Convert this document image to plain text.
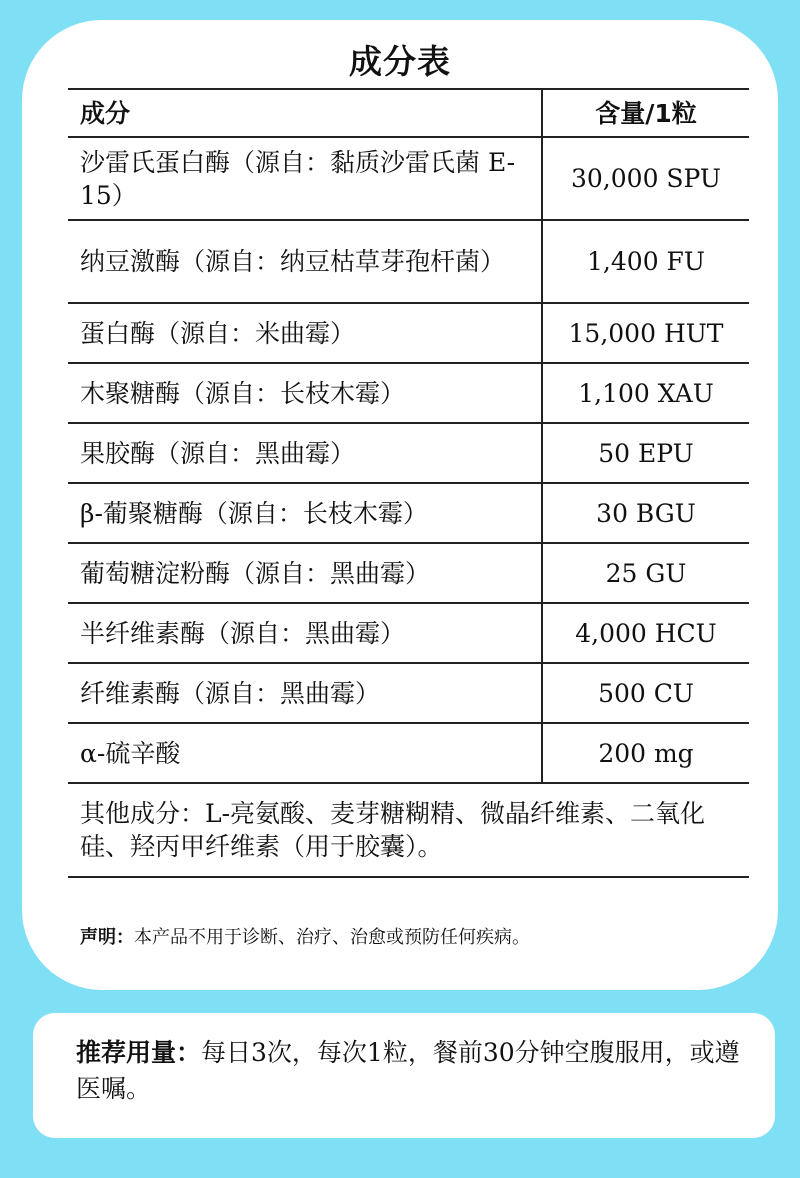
成分表
成分	含量/1粒
沙雷氏蛋白酶（源自：黏质沙雷氏菌 E-15）	30,000 SPU
纳豆激酶（源自：纳豆枯草芽孢杆菌）	1,400 FU
蛋白酶（源自：米曲霉）	15,000 HUT
木聚糖酶（源自：长枝木霉）	1,100 XAU
果胶酶（源自：黑曲霉）	50 EPU
β-葡聚糖酶（源自：长枝木霉）	30 BGU
葡萄糖淀粉酶（源自：黑曲霉）	25 GU
半纤维素酶（源自：黑曲霉）	4,000 HCU
纤维素酶（源自：黑曲霉）	500 CU
α-硫辛酸	200 mg
其他成分：L-亮氨酸、麦芽糖糊精、微晶纤维素、二氧化硅、羟丙甲纤维素（用于胶囊）。	
声明：本产品不用于诊断、治疗、治愈或预防任何疾病。
推荐用量：每日3次，每次1粒，餐前30分钟空腹服用，或遵医嘱。
